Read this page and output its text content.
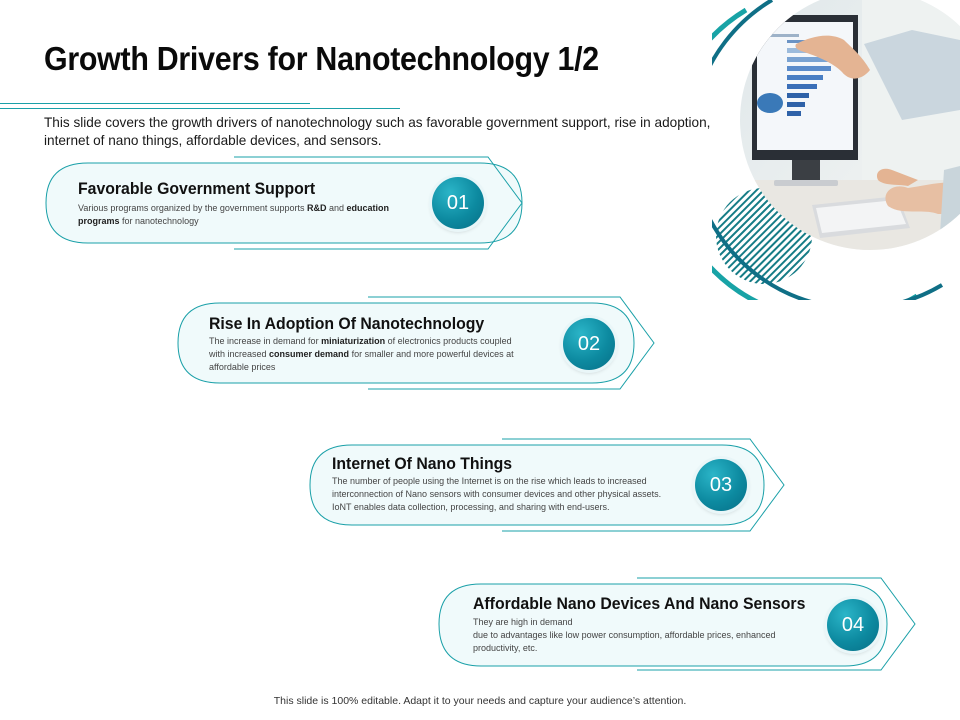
Growth Drivers for Nanotechnology 1/2
This slide covers the growth drivers of nanotechnology such as favorable government support, rise in adoption,
internet of nano things, affordable devices, and sensors.
Favorable Government Support
Various programs organized by the government supports R&D and education
programs for nanotechnology
01
Rise In Adoption Of Nanotechnology
The increase in demand for miniaturization of electronics products coupled
with increased consumer demand for smaller and more powerful devices at
affordable prices
02
Internet Of Nano Things
The number of people using the Internet is on the rise which leads to increased
interconnection of Nano sensors with consumer devices and other physical assets.
IoNT enables data collection, processing, and sharing with end-users.
03
Affordable Nano Devices And Nano Sensors
They are high in demand
due to advantages like low power consumption, affordable prices, enhanced
productivity, etc.
04
This slide is 100% editable. Adapt it to your needs and capture your audience’s attention.
